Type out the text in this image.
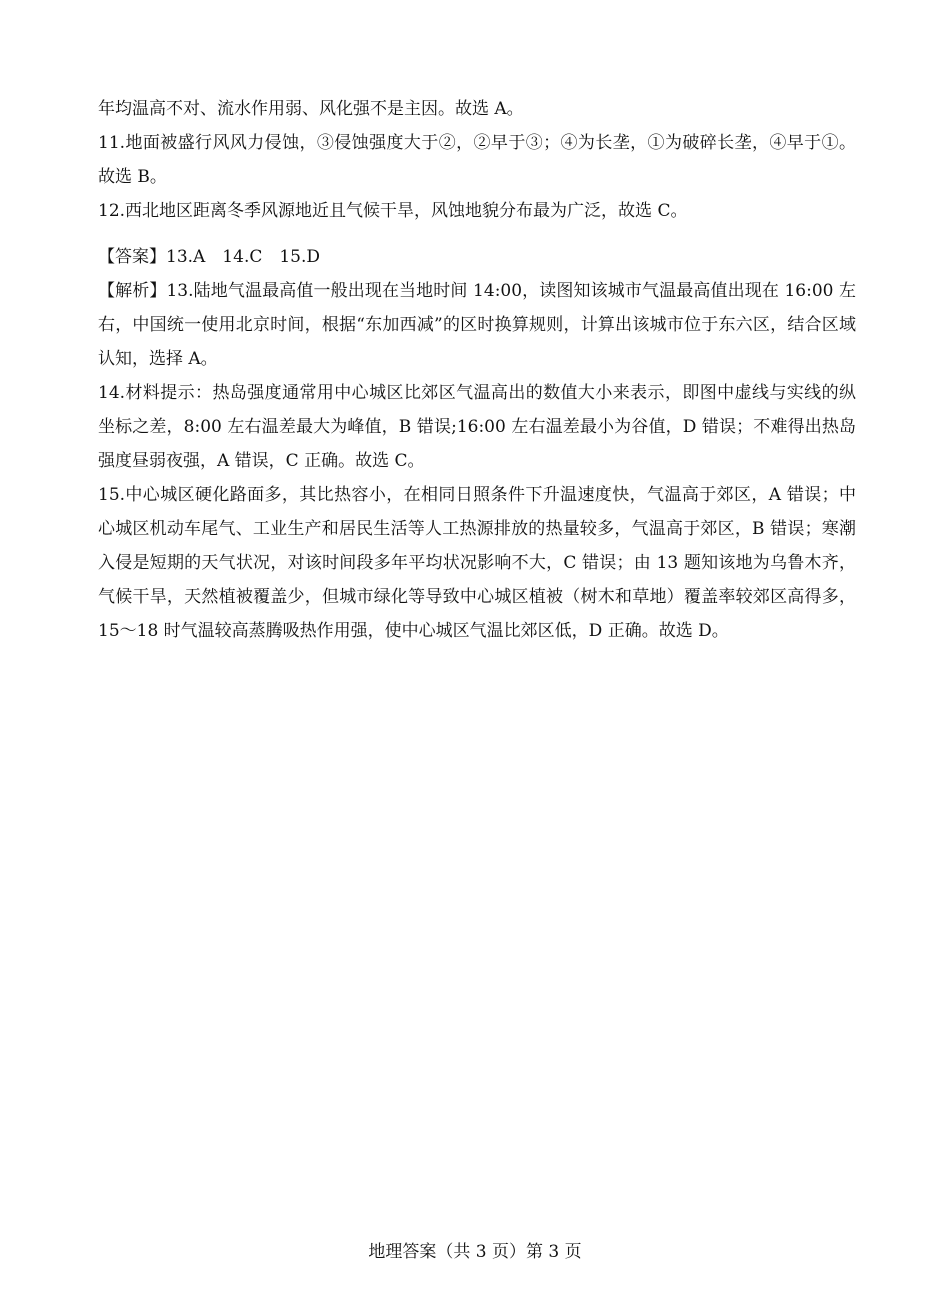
年均温高不对、流水作用弱、风化强不是主因。故选 A。

11.地面被盛行风风力侵蚀，③侵蚀强度大于②，②早于③；④为长垄，①为破碎长垄，④早于①。故选 B。

12.西北地区距离冬季风源地近且气候干旱，风蚀地貌分布最为广泛，故选 C。

【答案】13.A　14.C　15.D

【解析】13.陆地气温最高值一般出现在当地时间 14:00，读图知该城市气温最高值出现在 16:00 左右，中国统一使用北京时间，根据“东加西减”的区时换算规则，计算出该城市位于东六区，结合区域认知，选择 A。

14.材料提示：热岛强度通常用中心城区比郊区气温高出的数值大小来表示，即图中虚线与实线的纵坐标之差，8:00 左右温差最大为峰值，B 错误;16:00 左右温差最小为谷值，D 错误；不难得出热岛强度昼弱夜强，A 错误，C 正确。故选 C。

15.中心城区硬化路面多，其比热容小，在相同日照条件下升温速度快，气温高于郊区，A 错误；中心城区机动车尾气、工业生产和居民生活等人工热源排放的热量较多，气温高于郊区，B 错误；寒潮入侵是短期的天气状况，对该时间段多年平均状况影响不大，C 错误；由 13 题知该地为乌鲁木齐，气候干旱，天然植被覆盖少，但城市绿化等导致中心城区植被（树木和草地）覆盖率较郊区高得多，15～18 时气温较高蒸腾吸热作用强，使中心城区气温比郊区低，D 正确。故选 D。

地理答案（共 3 页）第 3 页
